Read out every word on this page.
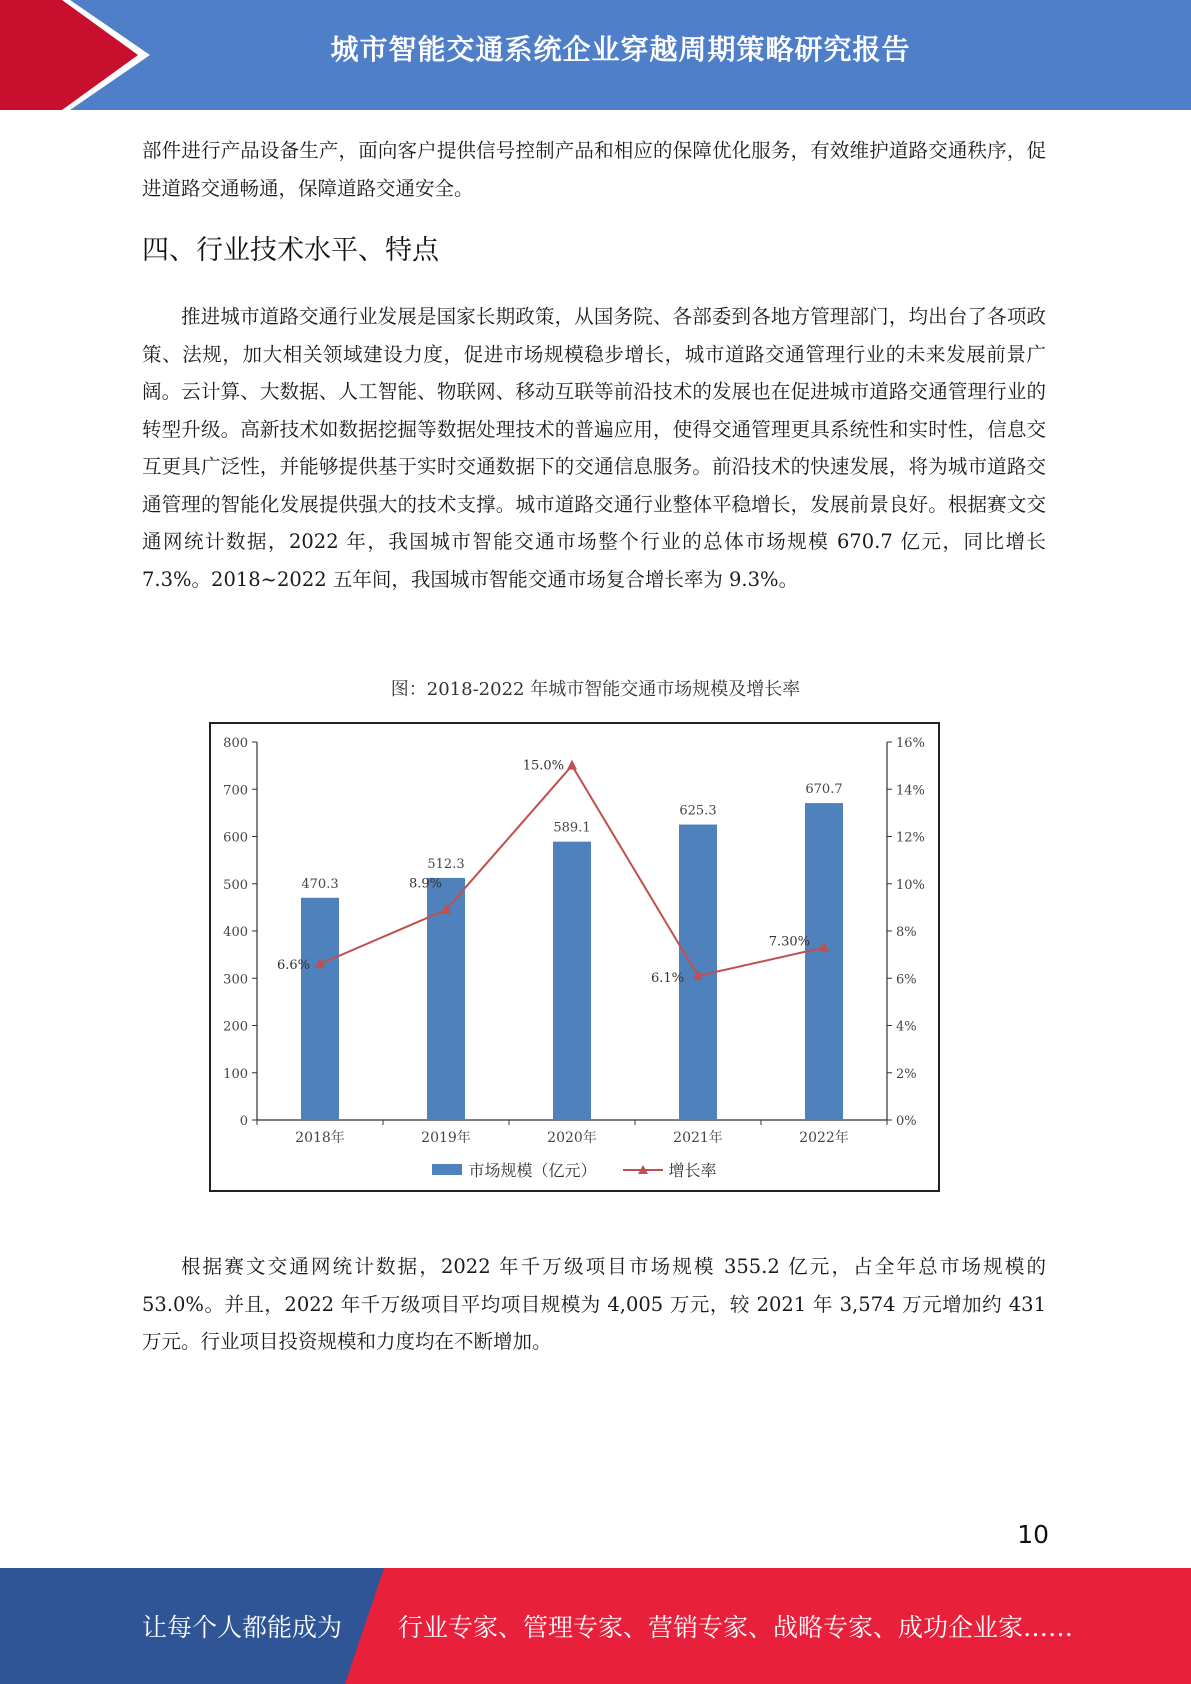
城市智能交通系统企业穿越周期策略研究报告
部件进行产品设备生产，面向客户提供信号控制产品和相应的保障优化服务，有效维护道路交通秩序，促进道路交通畅通，保障道路交通安全。
四、行业技术水平、特点
推进城市道路交通行业发展是国家长期政策，从国务院、各部委到各地方管理部门，均出台了各项政策、法规，加大相关领域建设力度，促进市场规模稳步增长，城市道路交通管理行业的未来发展前景广阔。云计算、大数据、人工智能、物联网、移动互联等前沿技术的发展也在促进城市道路交通管理行业的转型升级。高新技术如数据挖掘等数据处理技术的普遍应用，使得交通管理更具系统性和实时性，信息交互更具广泛性，并能够提供基于实时交通数据下的交通信息服务。前沿技术的快速发展，将为城市道路交通管理的智能化发展提供强大的技术支撑。城市道路交通行业整体平稳增长，发展前景良好。根据赛文交通网统计数据，2022 年，我国城市智能交通市场整个行业的总体市场规模 670.7 亿元，同比增长 7.3%。2018~2022 五年间，我国城市智能交通市场复合增长率为 9.3%。
图：2018-2022 年城市智能交通市场规模及增长率
0
100
200
300
400
500
600
700
800
0%
2%
4%
6%
8%
10%
12%
14%
16%
2018年	2019年	2020年	2021年	2022年
470.3
512.3
589.1
625.3
670.7
6.6%
8.9%
15.0%
6.1%
7.30%
市场规模（亿元）	增长率
根据赛文交通网统计数据，2022 年千万级项目市场规模 355.2 亿元，占全年总市场规模的 53.0%。并且，2022 年千万级项目平均项目规模为 4,005 万元，较 2021 年 3,574 万元增加约 431 万元。行业项目投资规模和力度均在不断增加。
10
让每个人都能成为 行业专家、管理专家、营销专家、战略专家、成功企业家……
